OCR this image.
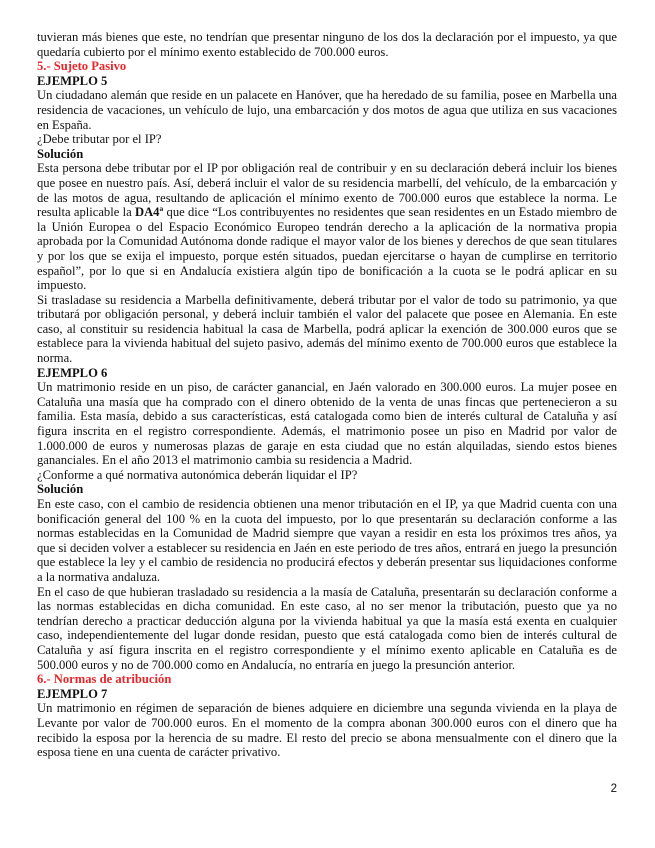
tuvieran más bienes que este, no tendrían que presentar ninguno de los dos la declaración por el impuesto, ya que quedaría cubierto por el mínimo exento establecido de 700.000 euros.

5.- Sujeto Pasivo
EJEMPLO 5

Un ciudadano alemán que reside en un palacete en Hanóver, que ha heredado de su familia, posee en Marbella una residencia de vacaciones, un vehículo de lujo, una embarcación y dos motos de agua que utiliza en sus vacaciones en España.

¿Debe tributar por el IP?

Solución

Esta persona debe tributar por el IP por obligación real de contribuir y en su declaración deberá incluir los bienes que posee en nuestro país. Así, deberá incluir el valor de su residencia marbellí, del vehículo, de la embarcación y de las motos de agua, resultando de aplicación el mínimo exento de 700.000 euros que establece la norma. Le resulta aplicable la DA4ª que dice “Los contribuyentes no residentes que sean residentes en un Estado miembro de la Unión Europea o del Espacio Económico Europeo tendrán derecho a la aplicación de la normativa propia aprobada por la Comunidad Autónoma donde radique el mayor valor de los bienes y derechos de que sean titulares y por los que se exija el impuesto, porque estén situados, puedan ejercitarse o hayan de cumplirse en territorio español”, por lo que si en Andalucía existiera algún tipo de bonificación a la cuota se le podrá aplicar en su impuesto.

Si trasladase su residencia a Marbella definitivamente, deberá tributar por el valor de todo su patrimonio, ya que tributará por obligación personal, y deberá incluir también el valor del palacete que posee en Alemania. En este caso, al constituir su residencia habitual la casa de Marbella, podrá aplicar la exención de 300.000 euros que se establece para la vivienda habitual del sujeto pasivo, además del mínimo exento de 700.000 euros que establece la norma.

EJEMPLO 6

Un matrimonio reside en un piso, de carácter ganancial, en Jaén valorado en 300.000 euros. La mujer posee en Cataluña una masía que ha comprado con el dinero obtenido de la venta de unas fincas que pertenecieron a su familia. Esta masía, debido a sus características, está catalogada como bien de interés cultural de Cataluña y así figura inscrita en el registro correspondiente. Además, el matrimonio posee un piso en Madrid por valor de 1.000.000 de euros y numerosas plazas de garaje en esta ciudad que no están alquiladas, siendo estos bienes gananciales. En el año 2013 el matrimonio cambia su residencia a Madrid.

¿Conforme a qué normativa autonómica deberán liquidar el IP?

Solución

En este caso, con el cambio de residencia obtienen una menor tributación en el IP, ya que Madrid cuenta con una bonificación general del 100 % en la cuota del impuesto, por lo que presentarán su declaración conforme a las normas establecidas en la Comunidad de Madrid siempre que vayan a residir en esta los próximos tres años, ya que si deciden volver a establecer su residencia en Jaén en este periodo de tres años, entrará en juego la presunción que establece la ley y el cambio de residencia no producirá efectos y deberán presentar sus liquidaciones conforme a la normativa andaluza.

En el caso de que hubieran trasladado su residencia a la masía de Cataluña, presentarán su declaración conforme a las normas establecidas en dicha comunidad. En este caso, al no ser menor la tributación, puesto que ya no tendrían derecho a practicar deducción alguna por la vivienda habitual ya que la masía está exenta en cualquier caso, independientemente del lugar donde residan, puesto que está catalogada como bien de interés cultural de Cataluña y así figura inscrita en el registro correspondiente y el mínimo exento aplicable en Cataluña es de 500.000 euros y no de 700.000 como en Andalucía, no entraría en juego la presunción anterior.

6.- Normas de atribución
EJEMPLO 7

Un matrimonio en régimen de separación de bienes adquiere en diciembre una segunda vivienda en la playa de Levante por valor de 700.000 euros. En el momento de la compra abonan 300.000 euros con el dinero que ha recibido la esposa por la herencia de su madre. El resto del precio se abona mensualmente con el dinero que la esposa tiene en una cuenta de carácter privativo.

2
